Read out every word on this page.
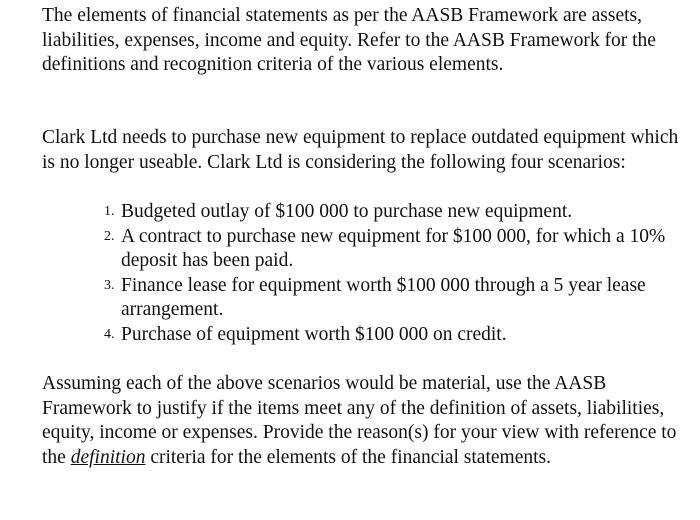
The elements of financial statements as per the AASB Framework are assets, liabilities, expenses, income and equity. Refer to the AASB Framework for the definitions and recognition criteria of the various elements.

Clark Ltd needs to purchase new equipment to replace outdated equipment which is no longer useable. Clark Ltd is considering the following four scenarios:

1. Budgeted outlay of $100 000 to purchase new equipment.
2. A contract to purchase new equipment for $100 000, for which a 10% deposit has been paid.
3. Finance lease for equipment worth $100 000 through a 5 year lease arrangement.
4. Purchase of equipment worth $100 000 on credit.

Assuming each of the above scenarios would be material, use the AASB Framework to justify if the items meet any of the definition of assets, liabilities, equity, income or expenses. Provide the reason(s) for your view with reference to the definition criteria for the elements of the financial statements.
